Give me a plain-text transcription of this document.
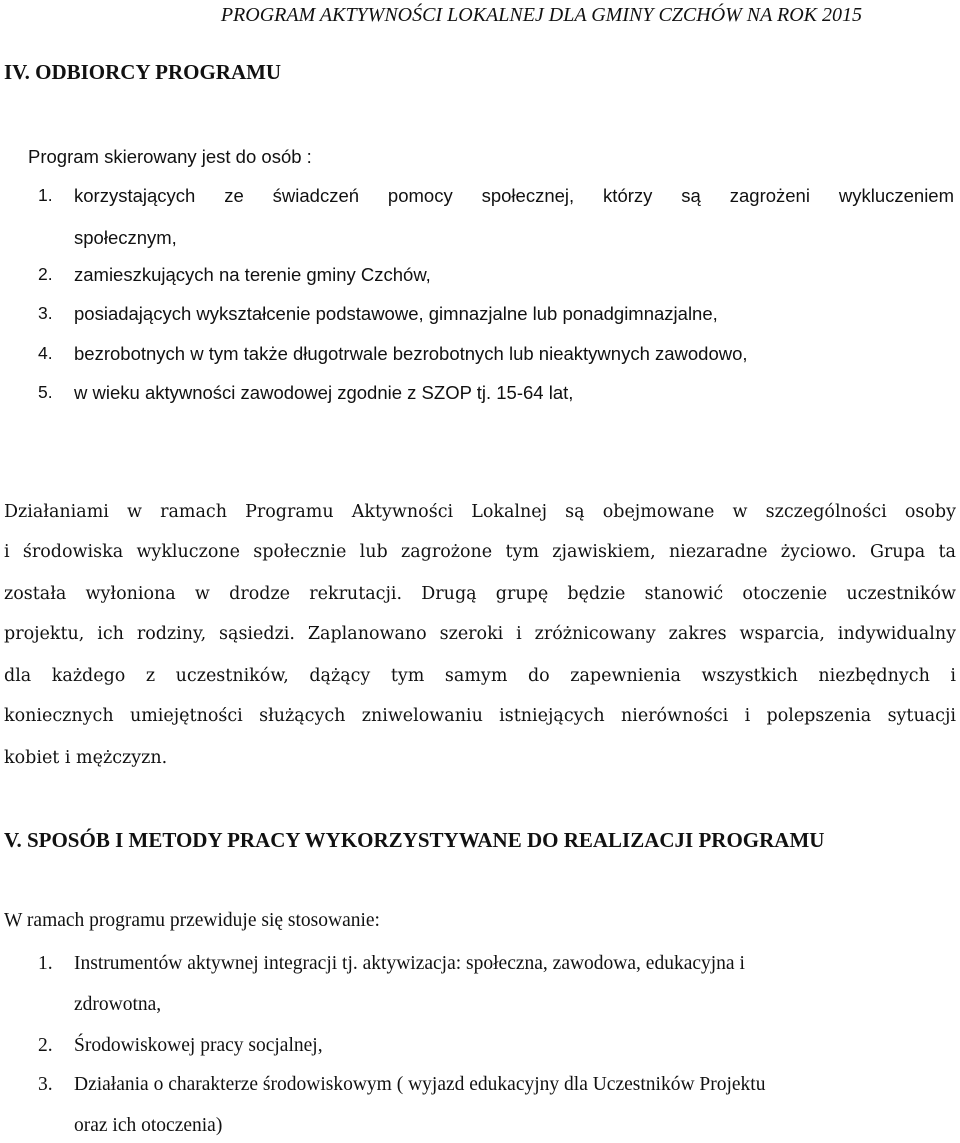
PROGRAM AKTYWNOŚCI LOKALNEJ DLA GMINY CZCHÓW NA ROK 2015
IV. ODBIORCY PROGRAMU
Program skierowany jest do osób :
1. korzystających ze świadczeń pomocy społecznej, którzy są zagrożeni wykluczeniem
społecznym,
2. zamieszkujących na terenie gminy Czchów,
3. posiadających wykształcenie podstawowe, gimnazjalne lub ponadgimnazjalne,
4. bezrobotnych w tym także długotrwale bezrobotnych lub nieaktywnych zawodowo,
5. w wieku aktywności zawodowej zgodnie z SZOP tj. 15-64 lat,
Działaniami w ramach Programu Aktywności Lokalnej są obejmowane w szczególności osoby
i środowiska wykluczone społecznie lub zagrożone tym zjawiskiem, niezaradne życiowo. Grupa ta
została wyłoniona w drodze rekrutacji. Drugą grupę będzie stanowić otoczenie uczestników
projektu, ich rodziny, sąsiedzi. Zaplanowano szeroki i zróżnicowany zakres wsparcia, indywidualny
dla każdego z uczestników, dążący tym samym do zapewnienia wszystkich niezbędnych i
koniecznych umiejętności służących zniwelowaniu istniejących nierówności i polepszenia sytuacji
kobiet i mężczyzn.
V. SPOSÓB I METODY PRACY WYKORZYSTYWANE DO REALIZACJI PROGRAMU
W ramach programu przewiduje się stosowanie:
1. Instrumentów aktywnej integracji tj. aktywizacja: społeczna, zawodowa, edukacyjna i
zdrowotna,
2. Środowiskowej pracy socjalnej,
3. Działania o charakterze środowiskowym ( wyjazd edukacyjny dla Uczestników Projektu
oraz ich otoczenia)
